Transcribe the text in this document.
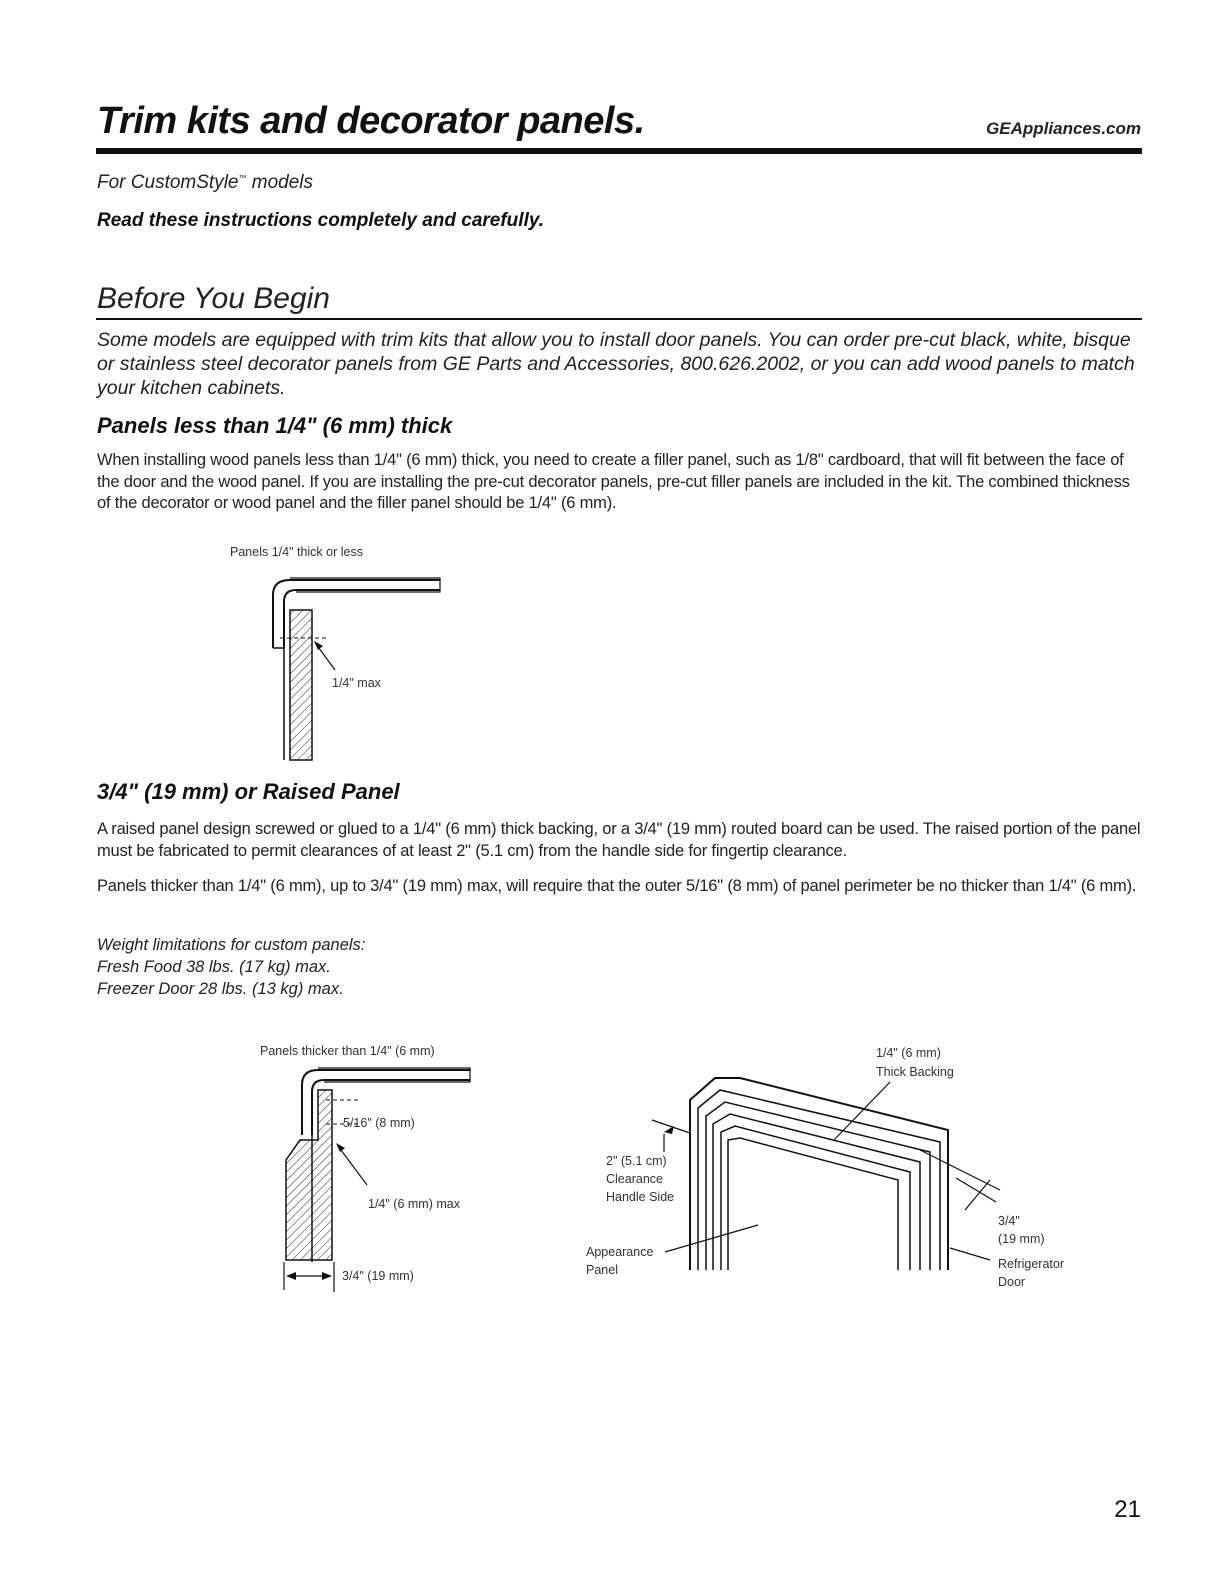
Trim kits and decorator panels.	GEAppliances.com
For CustomStyle™ models
Read these instructions completely and carefully.
Before You Begin
Some models are equipped with trim kits that allow you to install door panels. You can order pre-cut black, white, bisque or stainless steel decorator panels from GE Parts and Accessories, 800.626.2002, or you can add wood panels to match your kitchen cabinets.
Panels less than 1/4" (6 mm) thick
When installing wood panels less than 1/4" (6 mm) thick, you need to create a filler panel, such as 1/8" cardboard, that will fit between the face of the door and the wood panel. If you are installing the pre-cut decorator panels, pre-cut filler panels are included in the kit. The combined thickness of the decorator or wood panel and the filler panel should be 1/4" (6 mm).
Panels 1/4" thick or less
1/4" max
3/4" (19 mm) or Raised Panel
A raised panel design screwed or glued to a 1/4" (6 mm) thick backing, or a 3/4" (19 mm) routed board can be used. The raised portion of the panel must be fabricated to permit clearances of at least 2" (5.1 cm) from the handle side for fingertip clearance.
Panels thicker than 1/4" (6 mm), up to 3/4" (19 mm) max, will require that the outer 5/16" (8 mm) of panel perimeter be no thicker than 1/4" (6 mm).
Weight limitations for custom panels:
Fresh Food 38 lbs. (17 kg) max.
Freezer Door 28 lbs. (13 kg) max.
Panels thicker than 1/4" (6 mm)
5/16" (8 mm)
1/4" (6 mm) max
3/4" (19 mm)
1/4" (6 mm)
Thick Backing
2" (5.1 cm)
Clearance
Handle Side
Appearance
Panel
3/4"
(19 mm)
Refrigerator
Door
21
